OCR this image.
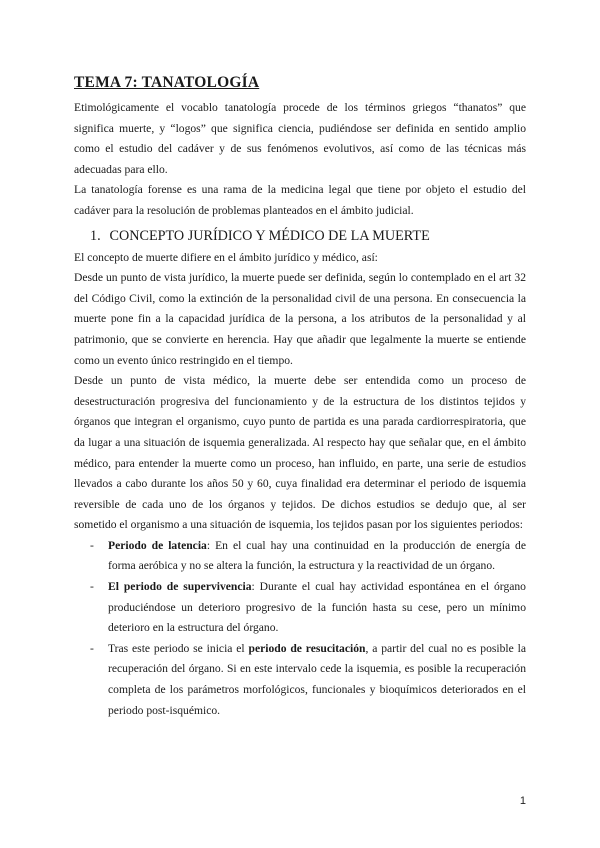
TEMA 7: TANATOLOGÍA

Etimológicamente el vocablo tanatología procede de los términos griegos “thanatos” que significa muerte, y “logos” que significa ciencia, pudiéndose ser definida en sentido amplio como el estudio del cadáver y de sus fenómenos evolutivos, así como de las técnicas más adecuadas para ello.

La tanatología forense es una rama de la medicina legal que tiene por objeto el estudio del cadáver para la resolución de problemas planteados en el ámbito judicial.

1. CONCEPTO JURÍDICO Y MÉDICO DE LA MUERTE

El concepto de muerte difiere en el ámbito jurídico y médico, así:

Desde un punto de vista jurídico, la muerte puede ser definida, según lo contemplado en el art 32 del Código Civil, como la extinción de la personalidad civil de una persona. En consecuencia la muerte pone fin a la capacidad jurídica de la persona, a los atributos de la personalidad y al patrimonio, que se convierte en herencia. Hay que añadir que legalmente la muerte se entiende como un evento único restringido en el tiempo.

Desde un punto de vista médico, la muerte debe ser entendida como un proceso de desestructuración progresiva del funcionamiento y de la estructura de los distintos tejidos y órganos que integran el organismo, cuyo punto de partida es una parada cardiorrespiratoria, que da lugar a una situación de isquemia generalizada. Al respecto hay que señalar que, en el ámbito médico, para entender la muerte como un proceso, han influido, en parte, una serie de estudios llevados a cabo durante los años 50 y 60, cuya finalidad era determinar el periodo de isquemia reversible de cada uno de los órganos y tejidos. De dichos estudios se dedujo que, al ser sometido el organismo a una situación de isquemia, los tejidos pasan por los siguientes periodos:

- Periodo de latencia: En el cual hay una continuidad en la producción de energía de forma aeróbica y no se altera la función, la estructura y la reactividad de un órgano.
- El periodo de supervivencia: Durante el cual hay actividad espontánea en el órgano produciéndose un deterioro progresivo de la función hasta su cese, pero un mínimo deterioro en la estructura del órgano.
- Tras este periodo se inicia el periodo de resucitación, a partir del cual no es posible la recuperación del órgano. Si en este intervalo cede la isquemia, es posible la recuperación completa de los parámetros morfológicos, funcionales y bioquímicos deteriorados en el periodo post-isquémico.
1
